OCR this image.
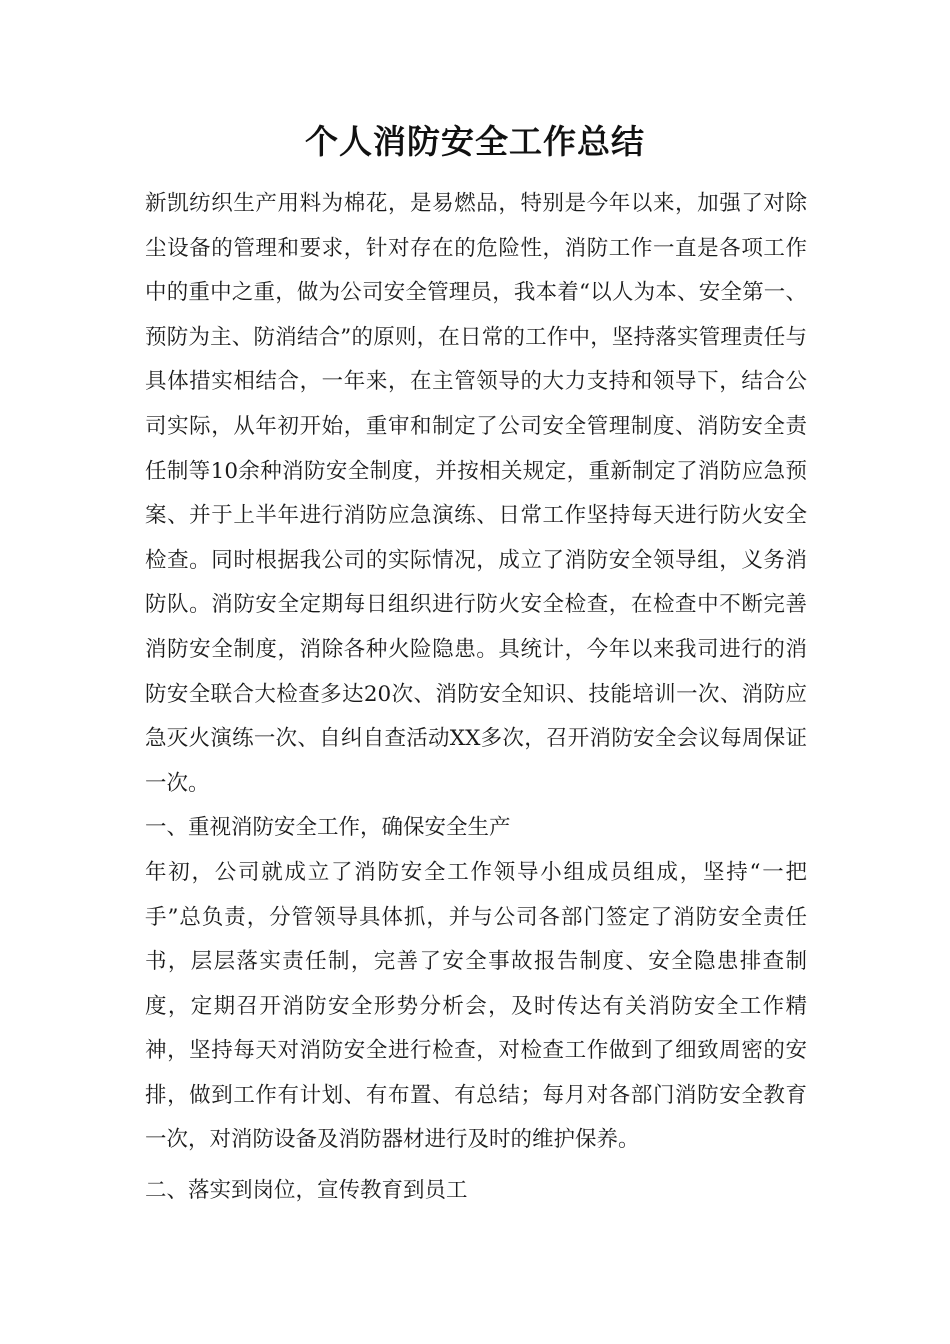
个人消防安全工作总结

新凯纺织生产用料为棉花，是易燃品，特别是今年以来，加强了对除尘设备的管理和要求，针对存在的危险性，消防工作一直是各项工作中的重中之重，做为公司安全管理员，我本着“以人为本、安全第一、预防为主、防消结合”的原则，在日常的工作中，坚持落实管理责任与具体措实相结合，一年来，在主管领导的大力支持和领导下，结合公司实际，从年初开始，重审和制定了公司安全管理制度、消防安全责任制等10余种消防安全制度，并按相关规定，重新制定了消防应急预案、并于上半年进行消防应急演练、日常工作坚持每天进行防火安全检查。同时根据我公司的实际情况，成立了消防安全领导组，义务消防队。消防安全定期每日组织进行防火安全检查，在检查中不断完善消防安全制度，消除各种火险隐患。具统计，今年以来我司进行的消防安全联合大检查多达20次、消防安全知识、技能培训一次、消防应急灭火演练一次、自纠自查活动XX多次，召开消防安全会议每周保证一次。

一、重视消防安全工作，确保安全生产

年初，公司就成立了消防安全工作领导小组成员组成，坚持“一把手”总负责，分管领导具体抓，并与公司各部门签定了消防安全责任书，层层落实责任制，完善了安全事故报告制度、安全隐患排查制度，定期召开消防安全形势分析会，及时传达有关消防安全工作精神，坚持每天对消防安全进行检查，对检查工作做到了细致周密的安排，做到工作有计划、有布置、有总结；每月对各部门消防安全教育一次，对消防设备及消防器材进行及时的维护保养。

二、落实到岗位，宣传教育到员工
